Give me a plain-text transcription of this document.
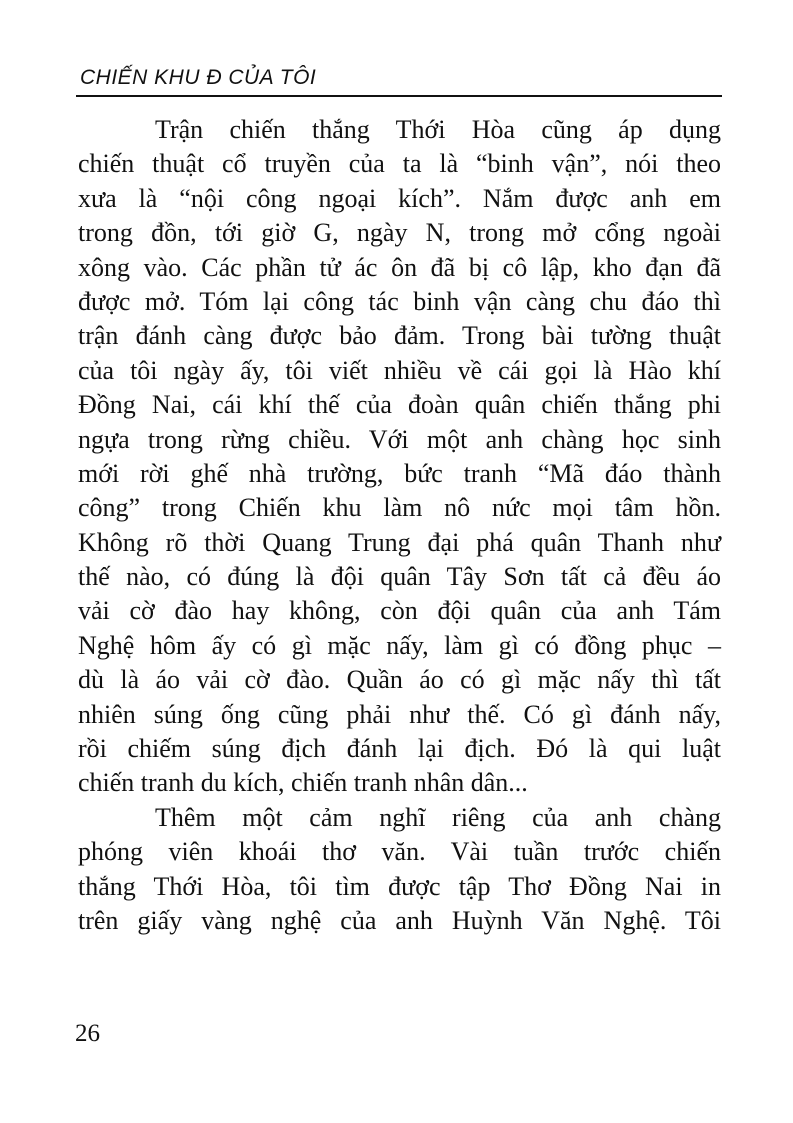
CHIẾN KHU Đ CỦA TÔI
Trận chiến thắng Thới Hòa cũng áp dụng
chiến thuật cổ truyền của ta là “binh vận”, nói theo
xưa là “nội công ngoại kích”. Nắm được anh em
trong đồn, tới giờ G, ngày N, trong mở cổng ngoài
xông vào. Các phần tử ác ôn đã bị cô lập, kho đạn đã
được mở. Tóm lại công tác binh vận càng chu đáo thì
trận đánh càng được bảo đảm. Trong bài tường thuật
của tôi ngày ấy, tôi viết nhiều về cái gọi là Hào khí
Đồng Nai, cái khí thế của đoàn quân chiến thắng phi
ngựa trong rừng chiều. Với một anh chàng học sinh
mới rời ghế nhà trường, bức tranh “Mã đáo thành
công” trong Chiến khu làm nô nức mọi tâm hồn.
Không rõ thời Quang Trung đại phá quân Thanh như
thế nào, có đúng là đội quân Tây Sơn tất cả đều áo
vải cờ đào hay không, còn đội quân của anh Tám
Nghệ hôm ấy có gì mặc nấy, làm gì có đồng phục –
dù là áo vải cờ đào. Quần áo có gì mặc nấy thì tất
nhiên súng ống cũng phải như thế. Có gì đánh nấy,
rồi chiếm súng địch đánh lại địch. Đó là qui luật
chiến tranh du kích, chiến tranh nhân dân...
Thêm một cảm nghĩ riêng của anh chàng
phóng viên khoái thơ văn. Vài tuần trước chiến
thắng Thới Hòa, tôi tìm được tập Thơ Đồng Nai in
trên giấy vàng nghệ của anh Huỳnh Văn Nghệ. Tôi
26
